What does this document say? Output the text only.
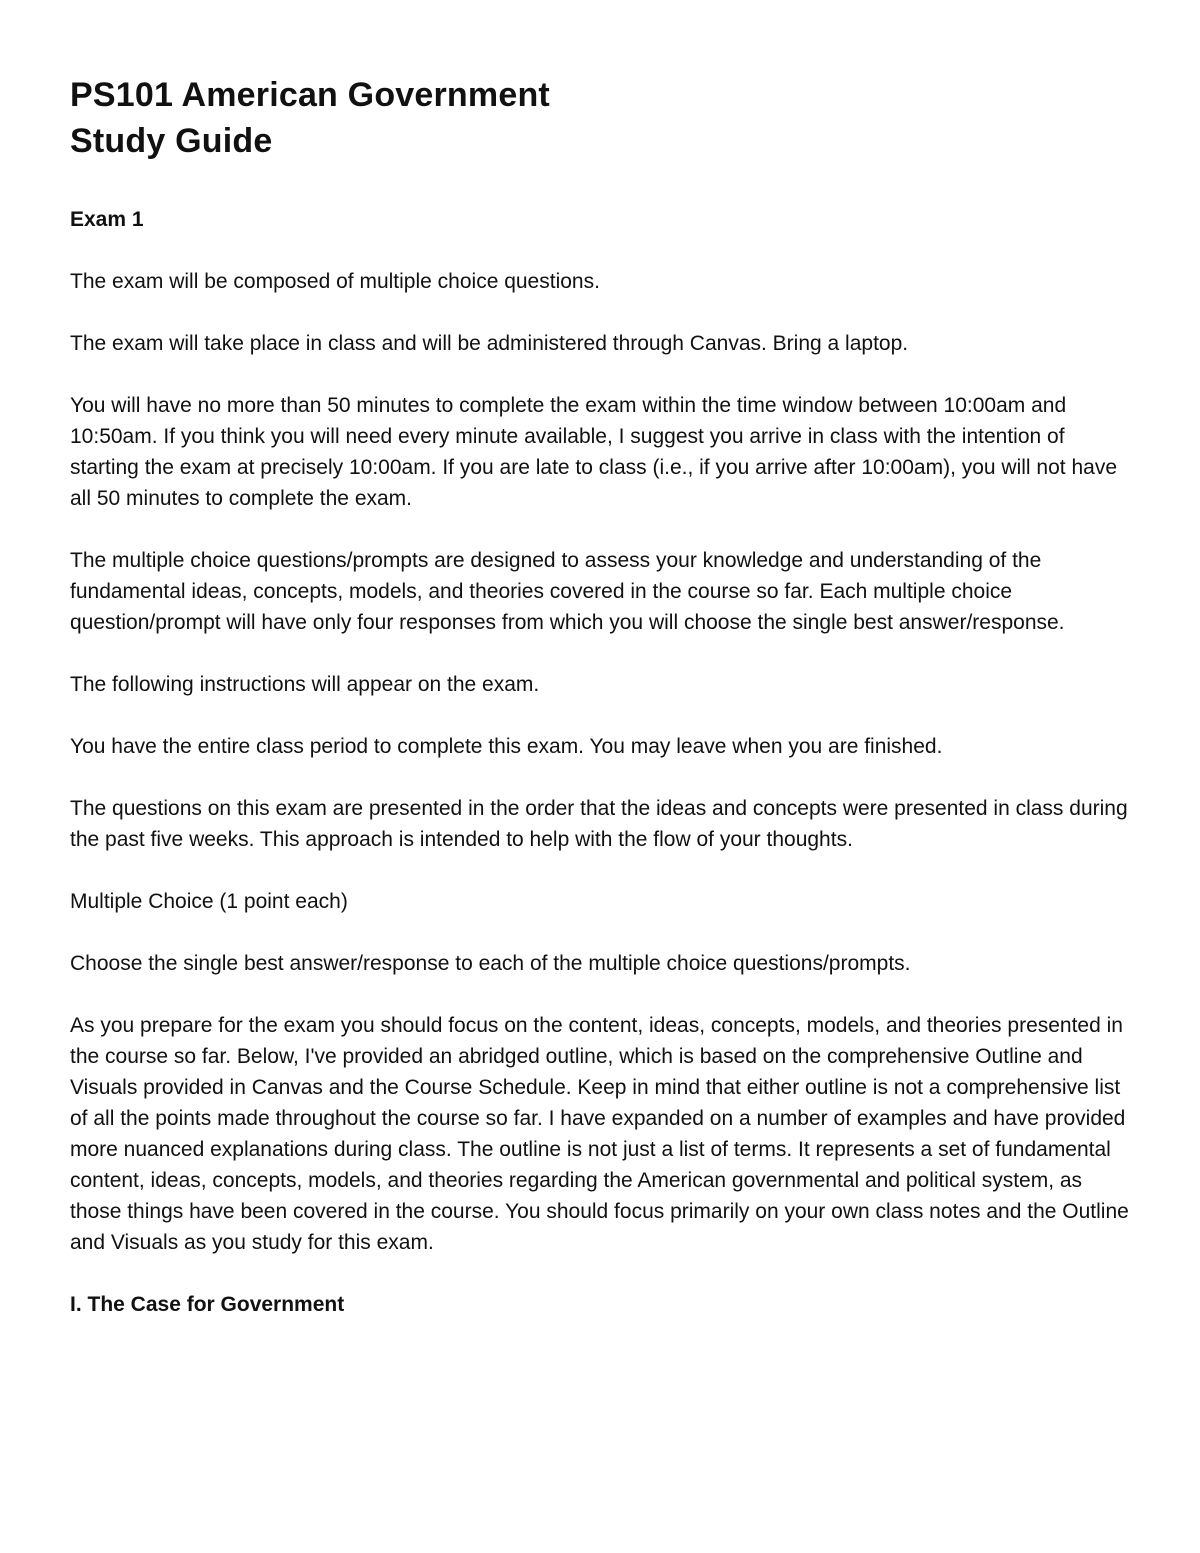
PS101 American Government
Study Guide
Exam 1

The exam will be composed of multiple choice questions.

The exam will take place in class and will be administered through Canvas. Bring a laptop.

You will have no more than 50 minutes to complete the exam within the time window between 10:00am and 10:50am. If you think you will need every minute available, I suggest you arrive in class with the intention of starting the exam at precisely 10:00am. If you are late to class (i.e., if you arrive after 10:00am), you will not have all 50 minutes to complete the exam.

The multiple choice questions/prompts are designed to assess your knowledge and understanding of the fundamental ideas, concepts, models, and theories covered in the course so far. Each multiple choice question/prompt will have only four responses from which you will choose the single best answer/response.

The following instructions will appear on the exam.

You have the entire class period to complete this exam. You may leave when you are finished.

The questions on this exam are presented in the order that the ideas and concepts were presented in class during the past five weeks. This approach is intended to help with the flow of your thoughts.

Multiple Choice (1 point each)

Choose the single best answer/response to each of the multiple choice questions/prompts.

As you prepare for the exam you should focus on the content, ideas, concepts, models, and theories presented in the course so far. Below, I've provided an abridged outline, which is based on the comprehensive Outline and Visuals provided in Canvas and the Course Schedule. Keep in mind that either outline is not a comprehensive list of all the points made throughout the course so far. I have expanded on a number of examples and have provided more nuanced explanations during class. The outline is not just a list of terms. It represents a set of fundamental content, ideas, concepts, models, and theories regarding the American governmental and political system, as those things have been covered in the course. You should focus primarily on your own class notes and the Outline and Visuals as you study for this exam.

I. The Case for Government
